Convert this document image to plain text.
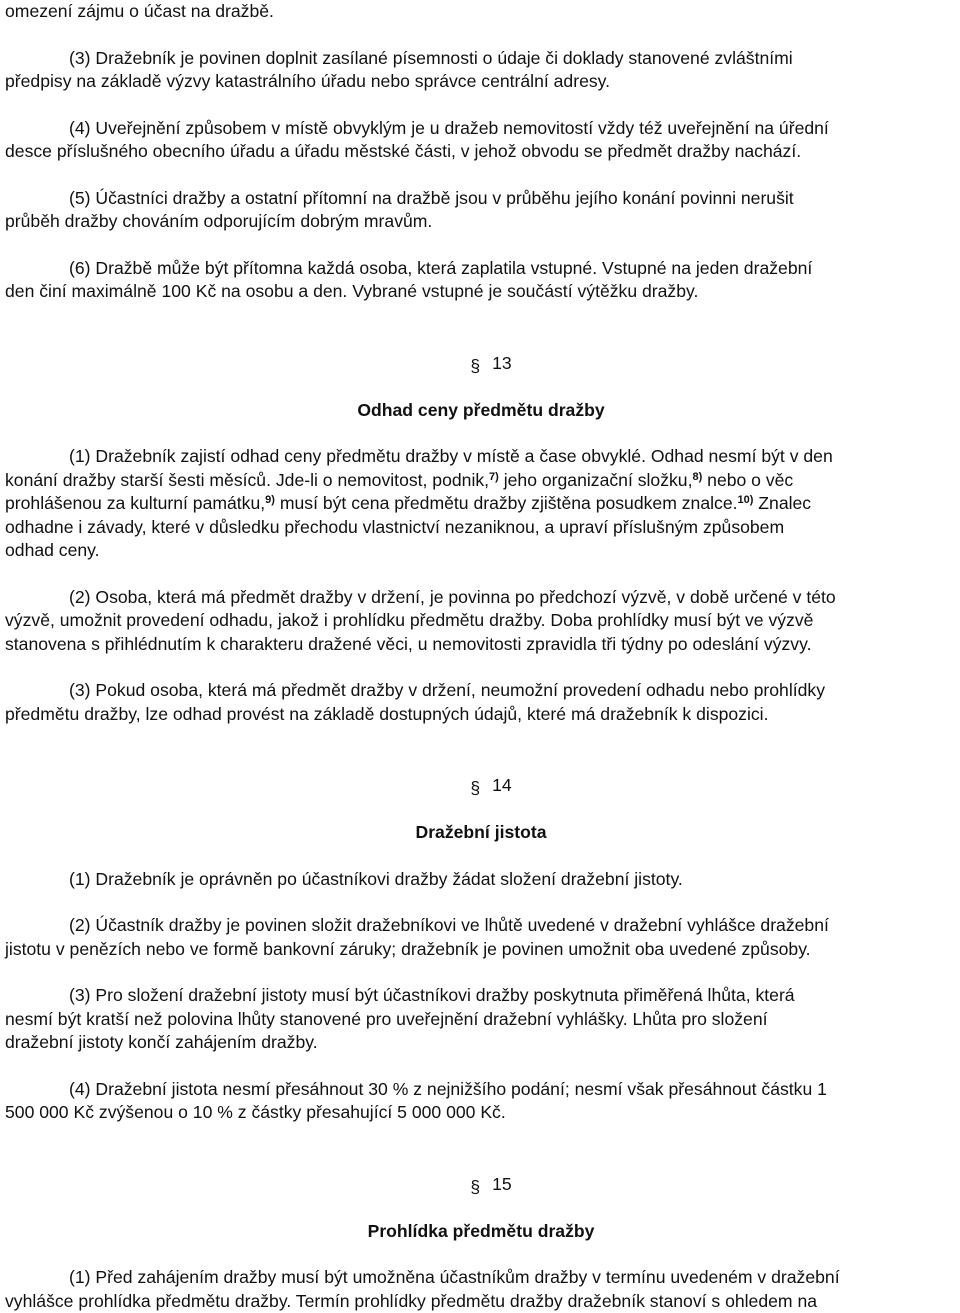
omezení zájmu o účast na dražbě.

(3) Dražebník je povinen doplnit zasílané písemnosti o údaje či doklady stanovené zvláštními
předpisy na základě výzvy katastrálního úřadu nebo správce centrální adresy.

(4) Uveřejnění způsobem v místě obvyklým je u dražeb nemovitostí vždy též uveřejnění na úřední
desce příslušného obecního úřadu a úřadu městské části, v jehož obvodu se předmět dražby nachází.

(5) Účastníci dražby a ostatní přítomní na dražbě jsou v průběhu jejího konání povinni nerušit
průběh dražby chováním odporujícím dobrým mravům.

(6) Dražbě může být přítomna každá osoba, která zaplatila vstupné. Vstupné na jeden dražební
den činí maximálně 100 Kč na osobu a den. Vybrané vstupné je součástí výtěžku dražby.

§ 13

Odhad ceny předmětu dražby

(1) Dražebník zajistí odhad ceny předmětu dražby v místě a čase obvyklé. Odhad nesmí být v den
konání dražby starší šesti měsíců. Jde-li o nemovitost, podnik,$^{7)}$ jeho organizační složku,$^{8)}$ nebo o věc
prohlášenou za kulturní památku,$^{9)}$ musí být cena předmětu dražby zjištěna posudkem znalce.$^{10)}$ Znalec
odhadne i závady, které v důsledku přechodu vlastnictví nezaniknou, a upraví příslušným způsobem
odhad ceny.

(2) Osoba, která má předmět dražby v držení, je povinna po předchozí výzvě, v době určené v této
výzvě, umožnit provedení odhadu, jakož i prohlídku předmětu dražby. Doba prohlídky musí být ve výzvě
stanovena s přihlédnutím k charakteru dražené věci, u nemovitosti zpravidla tři týdny po odeslání výzvy.

(3) Pokud osoba, která má předmět dražby v držení, neumožní provedení odhadu nebo prohlídky
předmětu dražby, lze odhad provést na základě dostupných údajů, které má dražebník k dispozici.

§ 14

Dražební jistota

(1) Dražebník je oprávněn po účastníkovi dražby žádat složení dražební jistoty.

(2) Účastník dražby je povinen složit dražebníkovi ve lhůtě uvedené v dražební vyhlášce dražební
jistotu v penězích nebo ve formě bankovní záruky; dražebník je povinen umožnit oba uvedené způsoby.

(3) Pro složení dražební jistoty musí být účastníkovi dražby poskytnuta přiměřená lhůta, která
nesmí být kratší než polovina lhůty stanovené pro uveřejnění dražební vyhlášky. Lhůta pro složení
dražební jistoty končí zahájením dražby.

(4) Dražební jistota nesmí přesáhnout 30 % z nejnižšího podání; nesmí však přesáhnout částku 1
500 000 Kč zvýšenou o 10 % z částky přesahující 5 000 000 Kč.

§ 15

Prohlídka předmětu dražby

(1) Před zahájením dražby musí být umožněna účastníkům dražby v termínu uvedeném v dražební
vyhlášce prohlídka předmětu dražby. Termín prohlídky předmětu dražby dražebník stanoví s ohledem na
